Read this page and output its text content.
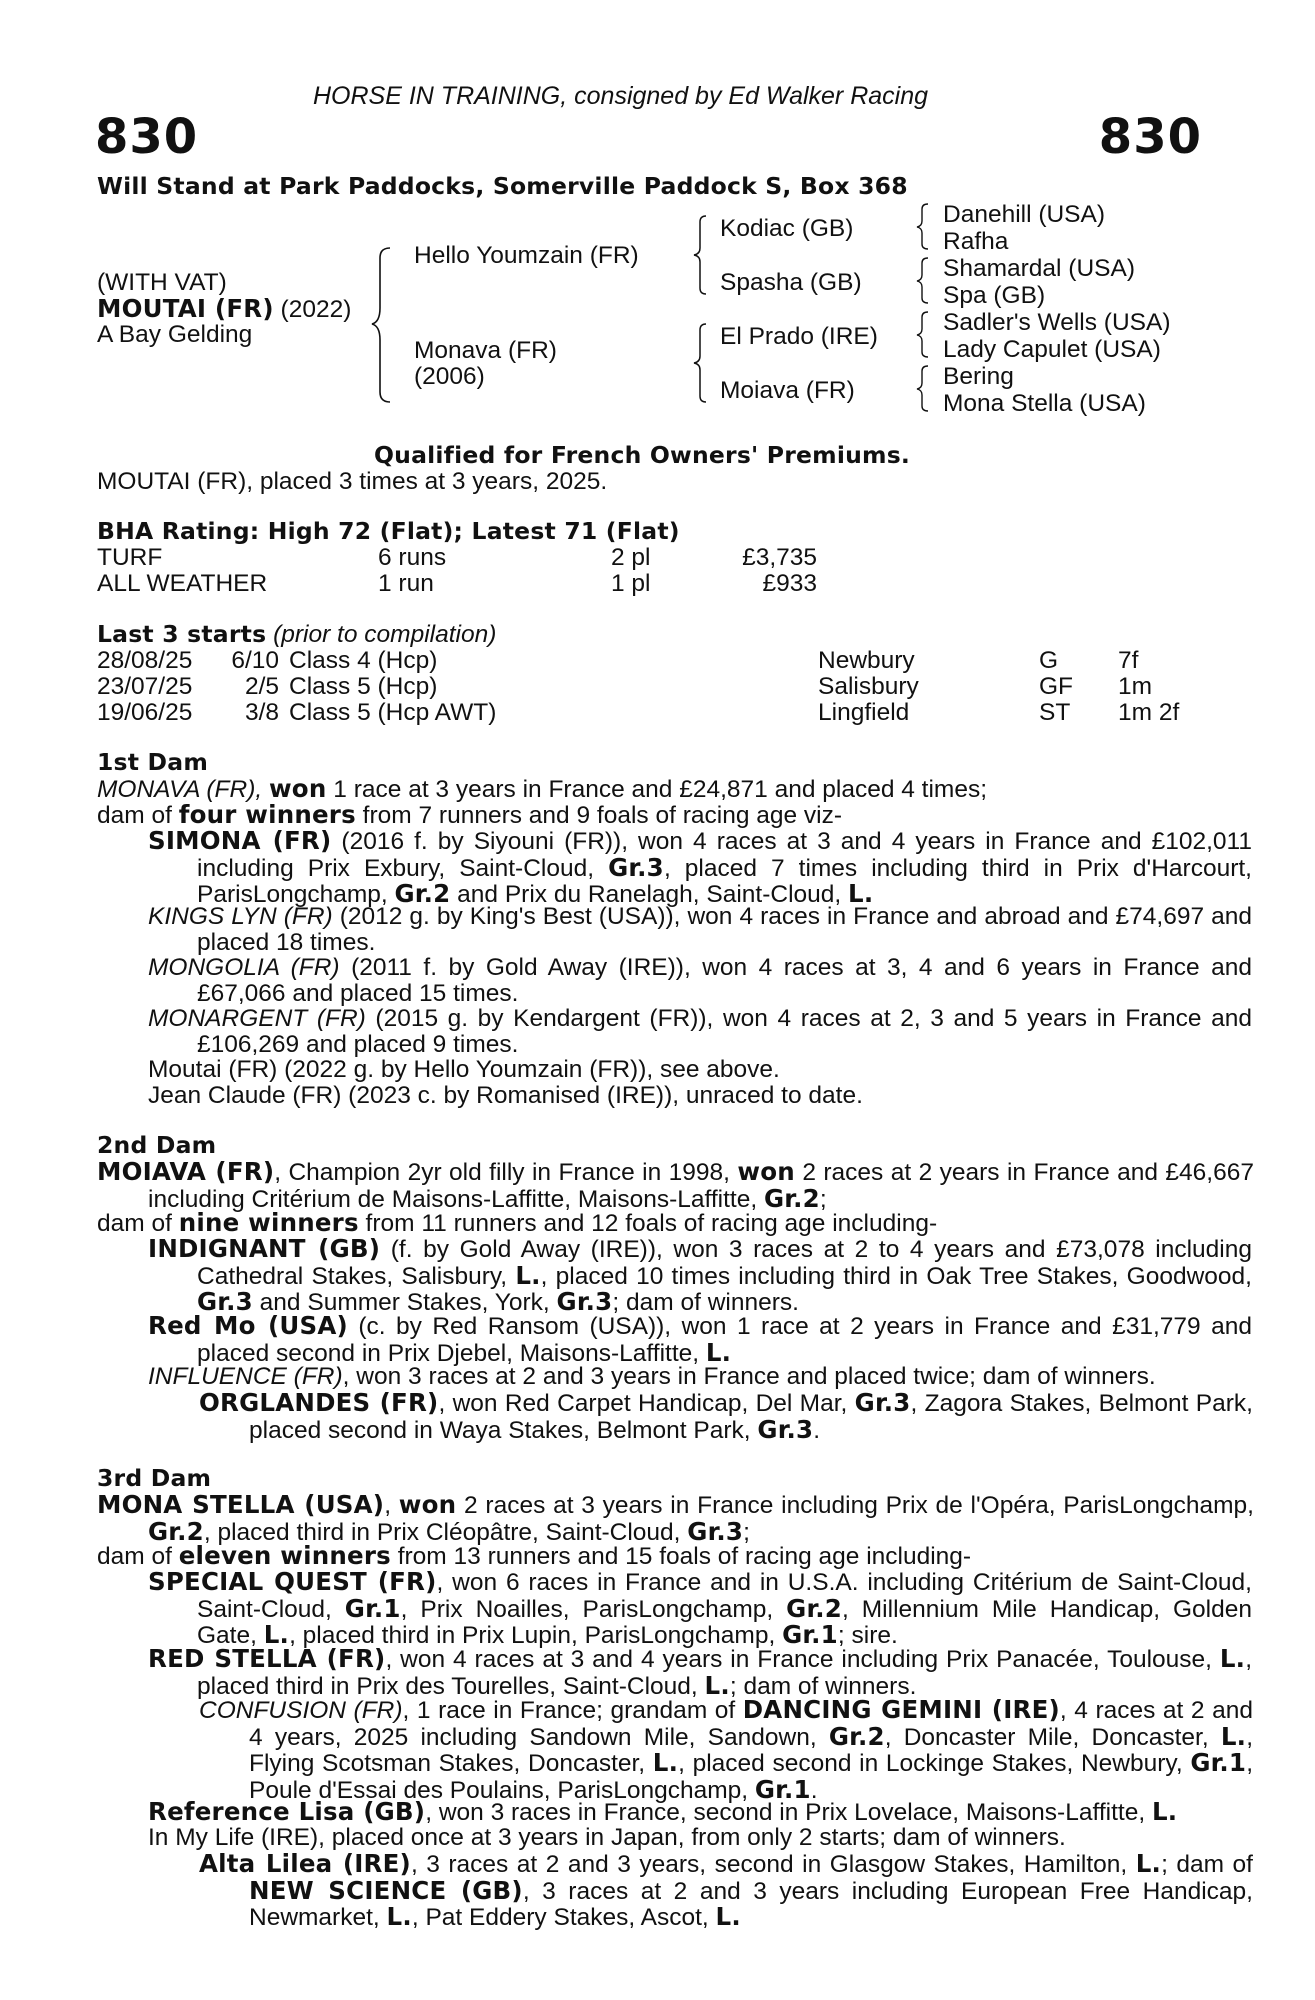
HORSE IN TRAINING, consigned by Ed Walker Racing
830	830
Will Stand at Park Paddocks, Somerville Paddock S, Box 368
(WITH VAT)
MOUTAI (FR) (2022)
A Bay Gelding
Hello Youmzain (FR)
Monava (FR)
(2006)
Kodiac (GB)
Spasha (GB)
El Prado (IRE)
Moiava (FR)
Danehill (USA)
Rafha
Shamardal (USA)
Spa (GB)
Sadler's Wells (USA)
Lady Capulet (USA)
Bering
Mona Stella (USA)
Qualified for French Owners' Premiums.
MOUTAI (FR), placed 3 times at 3 years, 2025.
BHA Rating: High 72 (Flat); Latest 71 (Flat)
TURF	6 runs	2 pl	£3,735
ALL WEATHER	1 run	1 pl	£933
Last 3 starts (prior to compilation)
28/08/25	6/10 Class 4 (Hcp)	Newbury	G 7f
23/07/25	2/5 Class 5 (Hcp)	Salisbury	GF 1m
19/06/25	3/8 Class 5 (Hcp AWT)	Lingfield	ST 1m 2f
1st Dam
MONAVA (FR), won 1 race at 3 years in France and £24,871 and placed 4 times;
dam of four winners from 7 runners and 9 foals of racing age viz-
SIMONA (FR) (2016 f. by Siyouni (FR)), won 4 races at 3 and 4 years in France and £102,011 including Prix Exbury, Saint-Cloud, Gr.3, placed 7 times including third in Prix d'Harcourt, ParisLongchamp, Gr.2 and Prix du Ranelagh, Saint-Cloud, L.
KINGS LYN (FR) (2012 g. by King's Best (USA)), won 4 races in France and abroad and £74,697 and placed 18 times.
MONGOLIA (FR) (2011 f. by Gold Away (IRE)), won 4 races at 3, 4 and 6 years in France and £67,066 and placed 15 times.
MONARGENT (FR) (2015 g. by Kendargent (FR)), won 4 races at 2, 3 and 5 years in France and £106,269 and placed 9 times.
Moutai (FR) (2022 g. by Hello Youmzain (FR)), see above.
Jean Claude (FR) (2023 c. by Romanised (IRE)), unraced to date.
2nd Dam
MOIAVA (FR), Champion 2yr old filly in France in 1998, won 2 races at 2 years in France and £46,667 including Critérium de Maisons-Laffitte, Maisons-Laffitte, Gr.2;
dam of nine winners from 11 runners and 12 foals of racing age including-
INDIGNANT (GB) (f. by Gold Away (IRE)), won 3 races at 2 to 4 years and £73,078 including Cathedral Stakes, Salisbury, L., placed 10 times including third in Oak Tree Stakes, Goodwood, Gr.3 and Summer Stakes, York, Gr.3; dam of winners.
Red Mo (USA) (c. by Red Ransom (USA)), won 1 race at 2 years in France and £31,779 and placed second in Prix Djebel, Maisons-Laffitte, L.
INFLUENCE (FR), won 3 races at 2 and 3 years in France and placed twice; dam of winners.
ORGLANDES (FR), won Red Carpet Handicap, Del Mar, Gr.3, Zagora Stakes, Belmont Park, placed second in Waya Stakes, Belmont Park, Gr.3.
3rd Dam
MONA STELLA (USA), won 2 races at 3 years in France including Prix de l'Opéra, ParisLongchamp, Gr.2, placed third in Prix Cléopâtre, Saint-Cloud, Gr.3;
dam of eleven winners from 13 runners and 15 foals of racing age including-
SPECIAL QUEST (FR), won 6 races in France and in U.S.A. including Critérium de Saint-Cloud, Saint-Cloud, Gr.1, Prix Noailles, ParisLongchamp, Gr.2, Millennium Mile Handicap, Golden Gate, L., placed third in Prix Lupin, ParisLongchamp, Gr.1; sire.
RED STELLA (FR), won 4 races at 3 and 4 years in France including Prix Panacée, Toulouse, L., placed third in Prix des Tourelles, Saint-Cloud, L.; dam of winners.
CONFUSION (FR), 1 race in France; grandam of DANCING GEMINI (IRE), 4 races at 2 and 4 years, 2025 including Sandown Mile, Sandown, Gr.2, Doncaster Mile, Doncaster, L., Flying Scotsman Stakes, Doncaster, L., placed second in Lockinge Stakes, Newbury, Gr.1, Poule d'Essai des Poulains, ParisLongchamp, Gr.1.
Reference Lisa (GB), won 3 races in France, second in Prix Lovelace, Maisons-Laffitte, L.
In My Life (IRE), placed once at 3 years in Japan, from only 2 starts; dam of winners.
Alta Lilea (IRE), 3 races at 2 and 3 years, second in Glasgow Stakes, Hamilton, L.; dam of NEW SCIENCE (GB), 3 races at 2 and 3 years including European Free Handicap, Newmarket, L., Pat Eddery Stakes, Ascot, L.
